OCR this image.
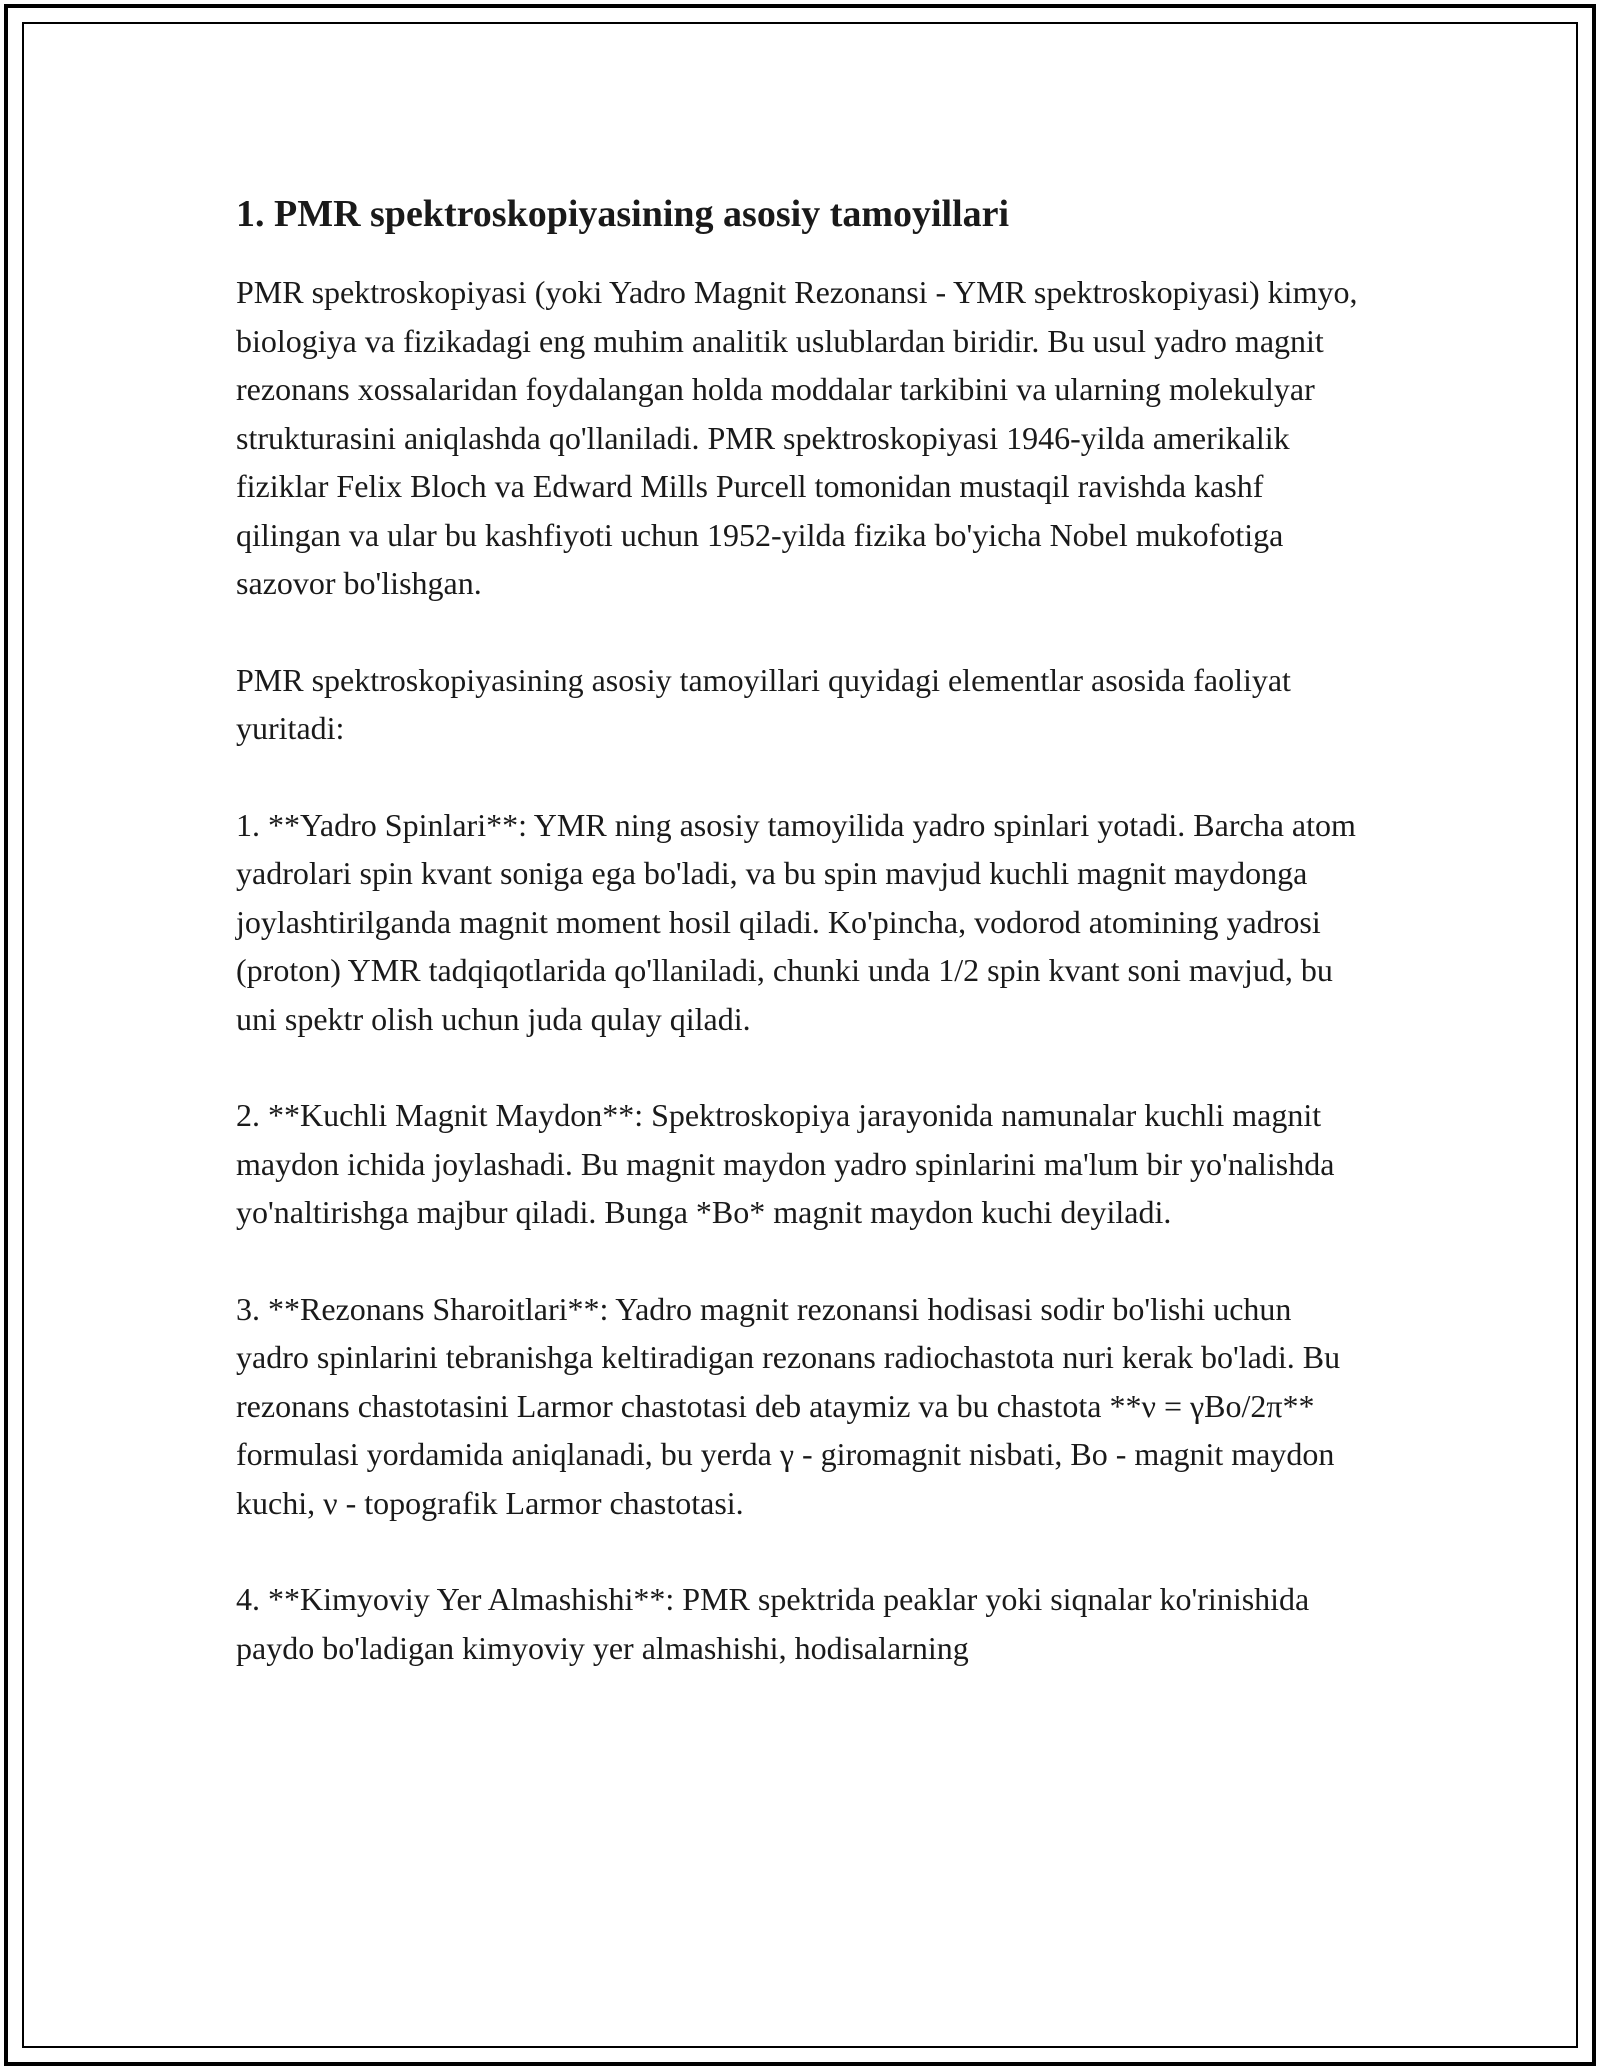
1. PMR spektroskopiyasining asosiy tamoyillari

PMR spektroskopiyasi (yoki Yadro Magnit Rezonansi - YMR spektroskopiyasi) kimyo, biologiya va fizikadagi eng muhim analitik uslublardan biridir. Bu usul yadro magnit rezonans xossalaridan foydalangan holda moddalar tarkibini va ularning molekulyar strukturasini aniqlashda qo'llaniladi. PMR spektroskopiyasi 1946-yilda amerikalik fiziklar Felix Bloch va Edward Mills Purcell tomonidan mustaqil ravishda kashf qilingan va ular bu kashfiyoti uchun 1952-yilda fizika bo'yicha Nobel mukofotiga sazovor bo'lishgan.

PMR spektroskopiyasining asosiy tamoyillari quyidagi elementlar asosida faoliyat yuritadi:

1. **Yadro Spinlari**: YMR ning asosiy tamoyilida yadro spinlari yotadi. Barcha atom yadrolari spin kvant soniga ega bo'ladi, va bu spin mavjud kuchli magnit maydonga joylashtirilganda magnit moment hosil qiladi. Ko'pincha, vodorod atomining yadrosi (proton) YMR tadqiqotlarida qo'llaniladi, chunki unda 1/2 spin kvant soni mavjud, bu uni spektr olish uchun juda qulay qiladi.

2. **Kuchli Magnit Maydon**: Spektroskopiya jarayonida namunalar kuchli magnit maydon ichida joylashadi. Bu magnit maydon yadro spinlarini ma'lum bir yo'nalishda yo'naltirishga majbur qiladi. Bunga *Bo* magnit maydon kuchi deyiladi.

3. **Rezonans Sharoitlari**: Yadro magnit rezonansi hodisasi sodir bo'lishi uchun yadro spinlarini tebranishga keltiradigan rezonans radiochastota nuri kerak bo'ladi. Bu rezonans chastotasini Larmor chastotasi deb ataymiz va bu chastota **ν = γBo/2π** formulasi yordamida aniqlanadi, bu yerda γ - giromagnit nisbati, Bo - magnit maydon kuchi, ν - topografik Larmor chastotasi.

4. **Kimyoviy Yer Almashishi**: PMR spektrida peaklar yoki siqnalar ko'rinishida paydo bo'ladigan kimyoviy yer almashishi, hodisalarning
